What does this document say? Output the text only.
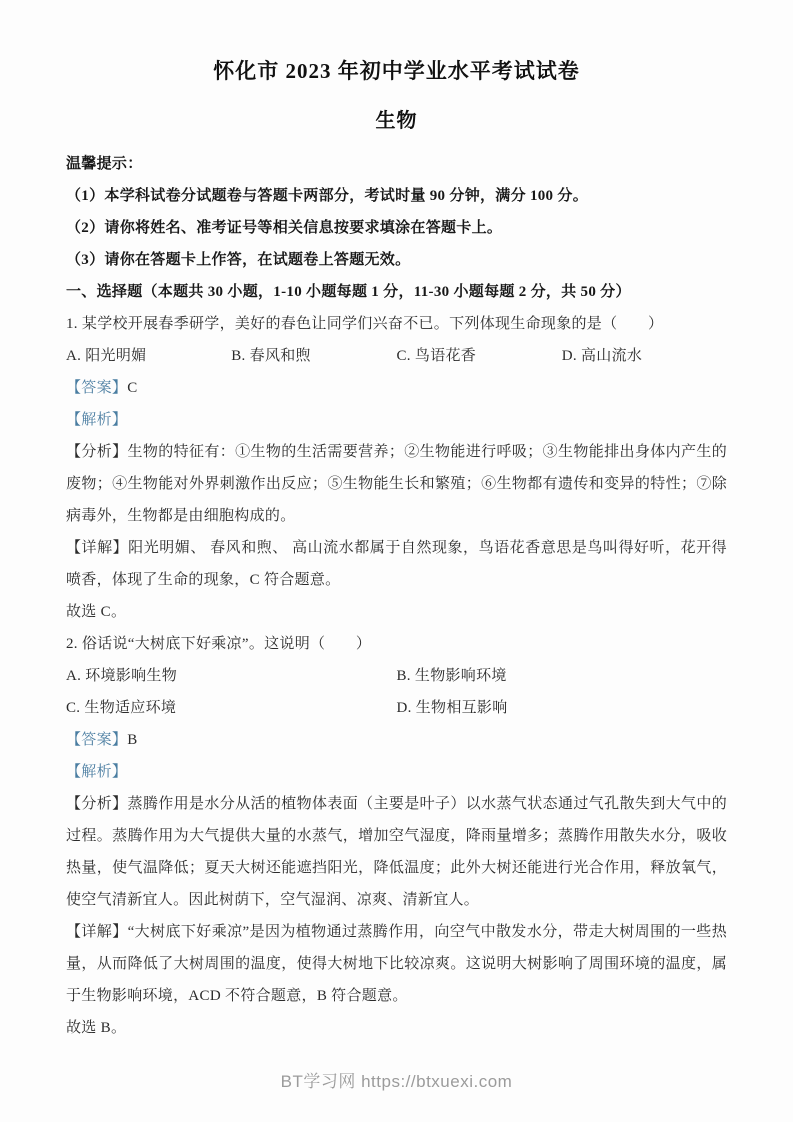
怀化市 2023 年初中学业水平考试试卷
生物

温馨提示：

（1）本学科试卷分试题卷与答题卡两部分，考试时量 90 分钟，满分 100 分。

（2）请你将姓名、准考证号等相关信息按要求填涂在答题卡上。

（3）请你在答题卡上作答，在试题卷上答题无效。

一、选择题（本题共 30 小题，1-10 小题每题 1 分，11-30 小题每题 2 分，共 50 分）

1. 某学校开展春季研学，美好的春色让同学们兴奋不已。下列体现生命现象的是（　　）

A. 阳光明媚	B. 春风和煦	C. 鸟语花香	D. 高山流水

【答案】C

【解析】

【分析】生物的特征有：①生物的生活需要营养；②生物能进行呼吸；③生物能排出身体内产生的废物；④生物能对外界刺激作出反应；⑤生物能生长和繁殖；⑥生物都有遗传和变异的特性；⑦除病毒外，生物都是由细胞构成的。

【详解】阳光明媚、 春风和煦、 高山流水都属于自然现象，鸟语花香意思是鸟叫得好听，花开得喷香，体现了生命的现象，C 符合题意。

故选 C。

2. 俗话说“大树底下好乘凉”。这说明（　　）

A. 环境影响生物	B. 生物影响环境
C. 生物适应环境	D. 生物相互影响

【答案】B

【解析】

【分析】蒸腾作用是水分从活的植物体表面（主要是叶子）以水蒸气状态通过气孔散失到大气中的过程。蒸腾作用为大气提供大量的水蒸气，增加空气湿度，降雨量增多；蒸腾作用散失水分，吸收热量，使气温降低；夏天大树还能遮挡阳光，降低温度；此外大树还能进行光合作用，释放氧气，使空气清新宜人。因此树荫下，空气湿润、凉爽、清新宜人。

【详解】“大树底下好乘凉”是因为植物通过蒸腾作用，向空气中散发水分，带走大树周围的一些热量，从而降低了大树周围的温度，使得大树地下比较凉爽。这说明大树影响了周围环境的温度，属于生物影响环境，ACD 不符合题意，B 符合题意。

故选 B。

BT学习网 https://btxuexi.com
